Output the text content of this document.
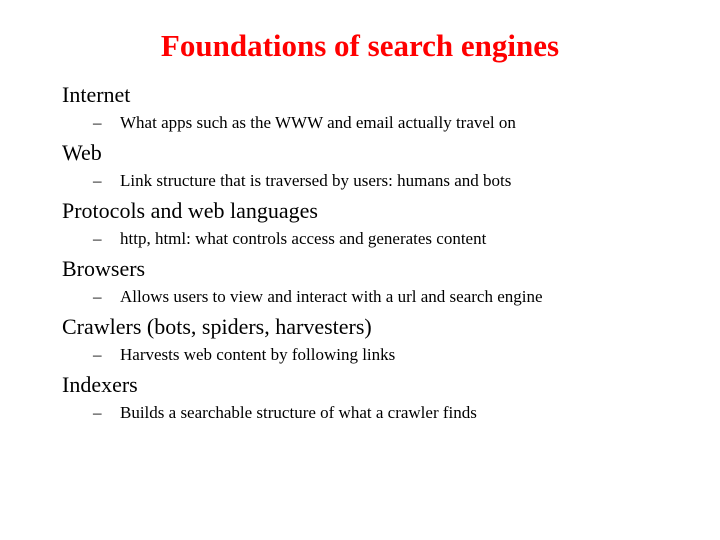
Foundations of search engines
Internet
– What apps such as the WWW and email actually travel on
Web
– Link structure that is traversed by users: humans and bots
Protocols and web languages
– http, html: what controls access and generates content
Browsers
– Allows users to view and interact with a url and search engine
Crawlers (bots, spiders, harvesters)
– Harvests web content by following links
Indexers
– Builds a searchable structure of what a crawler finds
